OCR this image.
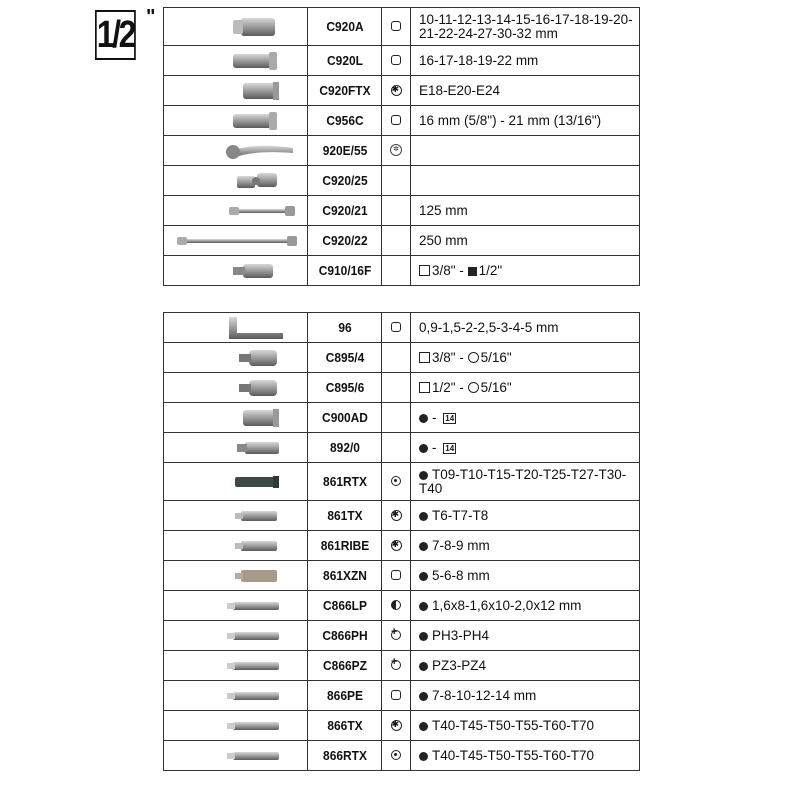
1/2 "
		C920A		10-11-12-13-14-15-16-17-18-19-20-21-22-24-27-30-32 mm

	C920L		16-17-18-19-22 mm

	C920FTX	✱	E18-E20-E24

	C956C		16 mm (5/8") - 21 mm (13/16")

	920E/55	✲	

	C920/25		

	C920/21		125 mm

	C920/22		250 mm

	C910/16F		3/8" - 1/2"
	96		0,9-1,5-2-2,5-3-4-5 mm

	C895/4		3/8" - 5/16"

	C895/6		1/2" - 5/16"

	C900AD		- 14

	892/0		- 14

	861RTX		T09-T10-T15-T20-T25-T27-T30-T40

	861TX	✱	T6-T7-T8

	861RIBE	✱	7-8-9 mm

	861XZN		5-6-8 mm

	C866LP		1,6x8-1,6x10-2,0x12 mm

	C866PH	+	PH3-PH4

	C866PZ	+	PZ3-PZ4

	866PE		7-8-10-12-14 mm

	866TX	✱	T40-T45-T50-T55-T60-T70

	866RTX		T40-T45-T50-T55-T60-T70
